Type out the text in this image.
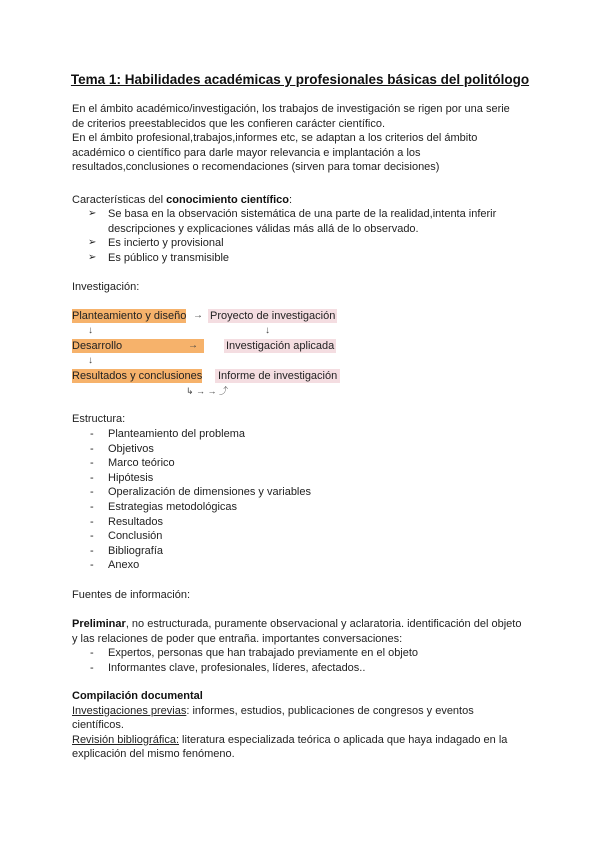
Tema 1: Habilidades académicas y profesionales básicas del politólogo
En el ámbito académico/investigación, los trabajos de investigación se rigen por una serie
de criterios preestablecidos que les confieren carácter científico.
En el ámbito profesional,trabajos,informes etc, se adaptan a los criterios del ámbito
académico o científico para darle mayor relevancia e implantación a los
resultados,conclusiones o recomendaciones (sirven para tomar decisiones)
Características del conocimiento científico:
➢ Se basa en la observación sistemática de una parte de la realidad,intenta inferir descripciones y explicaciones válidas más allá de lo observado.
➢ Es incierto y provisional
➢ Es público y transmisible
Investigación:
Planteamiento y diseño → Proyecto de investigación
↓	↓
Desarrollo	→	Investigación aplicada
↓
Resultados y conclusiones Informe de investigación
↳ → → ⤴
Estructura:
- Planteamiento del problema
- Objetivos
- Marco teórico
- Hipótesis
- Operalización de dimensiones y variables
- Estrategias metodológicas
- Resultados
- Conclusión
- Bibliografía
- Anexo
Fuentes de información:
Preliminar, no estructurada, puramente observacional y aclaratoria. identificación del objeto
y las relaciones de poder que entraña. importantes conversaciones:
- Expertos, personas que han trabajado previamente en el objeto
- Informantes clave, profesionales, líderes, afectados..
Compilación documental
Investigaciones previas: informes, estudios, publicaciones de congresos y eventos
científicos.
Revisión bibliográfica: literatura especializada teórica o aplicada que haya indagado en la
explicación del mismo fenómeno.
